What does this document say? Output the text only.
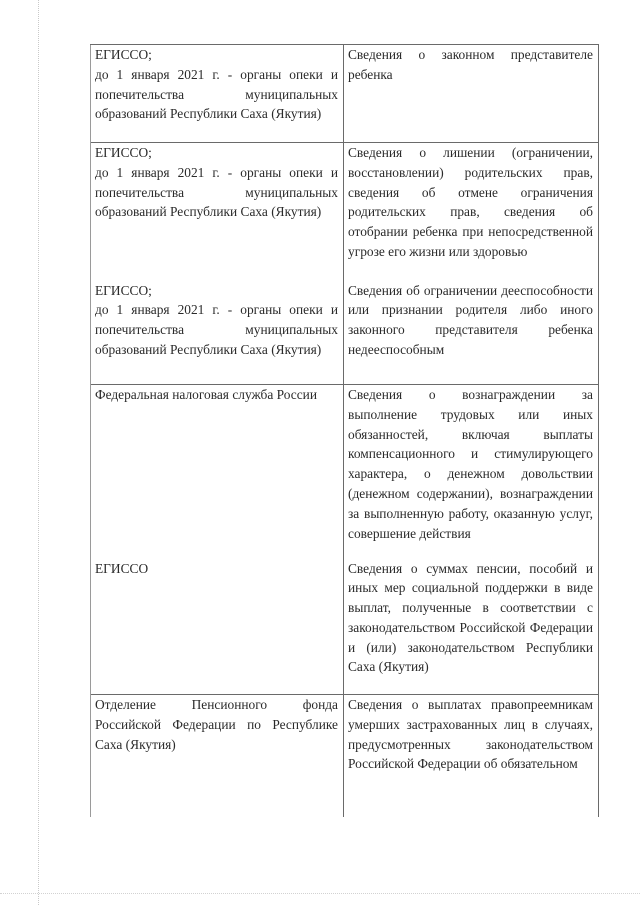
ЕГИССО;
до 1 января 2021 г. - органы опеки и попечительства муниципальных образований Республики Саха (Якутия)	Сведения о законном представителе ребенка

ЕГИССО;
до 1 января 2021 г. - органы опеки и попечительства муниципальных образований Республики Саха (Якутия)	Сведения о лишении (ограничении, восстановлении) родительских прав, сведения об отмене ограничения родительских прав, сведения об отобрании ребенка при непосредственной угрозе его жизни или здоровью

ЕГИССО;
до 1 января 2021 г. - органы опеки и попечительства муниципальных образований Республики Саха (Якутия)	Сведения об ограничении дееспособности или признании родителя либо иного законного представителя ребенка недееспособным

Федеральная налоговая служба России	Сведения о вознаграждении за выполнение трудовых или иных обязанностей, включая выплаты компенсационного и стимулирующего характера, о денежном довольствии (денежном содержании), вознаграждении за выполненную работу, оказанную услуг, совершение действия

ЕГИССО	Сведения о суммах пенсии, пособий и иных мер социальной поддержки в виде выплат, полученные в соответствии с законодательством Российской Федерации и (или) законодательством Республики Саха (Якутия)

Отделение Пенсионного фонда Российской Федерации по Республике Саха (Якутия)	Сведения о выплатах правопреемникам умерших застрахованных лиц в случаях, предусмотренных законодательством Российской Федерации об обязательном
